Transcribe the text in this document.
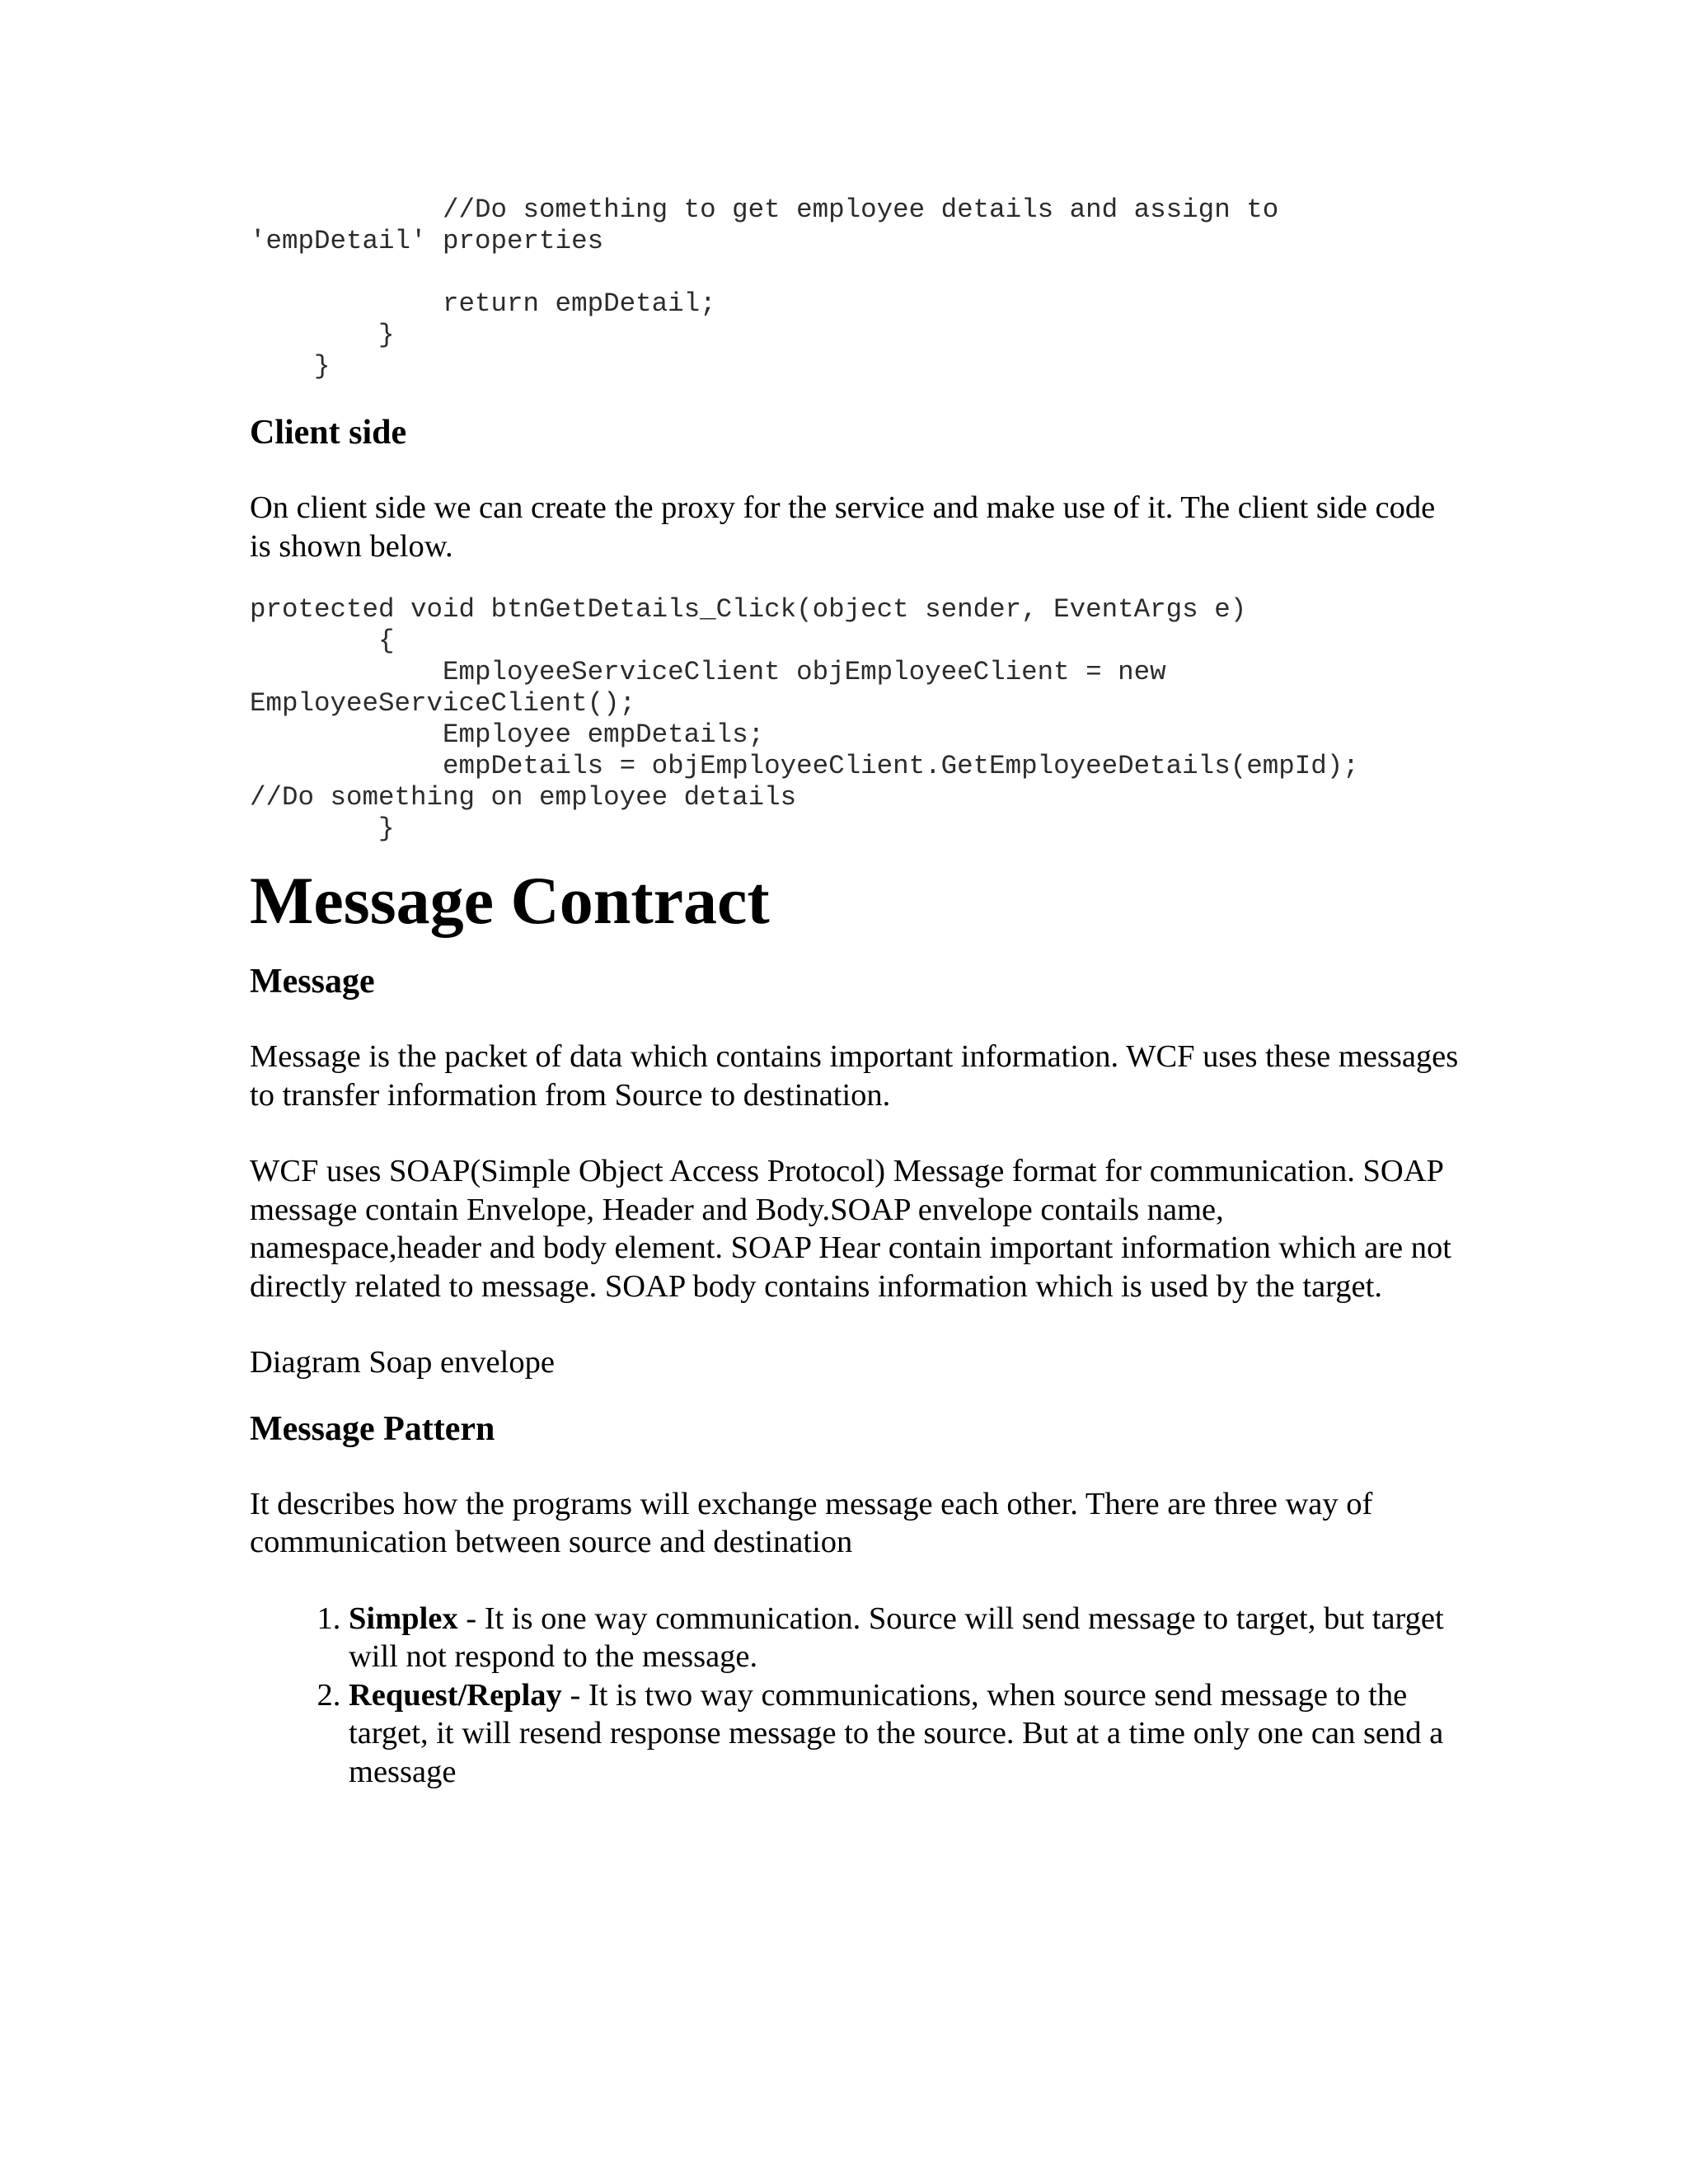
//Do something to get employee details and assign to
'empDetail' properties

return empDetail;
}
}
Client side

On client side we can create the proxy for the service and make use of it. The client side code is shown below.

protected void btnGetDetails_Click(object sender, EventArgs e)
{
EmployeeServiceClient objEmployeeClient = new
EmployeeServiceClient();
Employee empDetails;
empDetails = objEmployeeClient.GetEmployeeDetails(empId);
//Do something on employee details
}
Message Contract
Message

Message is the packet of data which contains important information. WCF uses these messages to transfer information from Source to destination.

WCF uses SOAP(Simple Object Access Protocol) Message format for communication. SOAP message contain Envelope, Header and Body.SOAP envelope contails name, namespace,header and body element. SOAP Hear contain important information which are not directly related to message. SOAP body contains information which is used by the target.

Diagram Soap envelope

Message Pattern

It describes how the programs will exchange message each other. There are three way of communication between source and destination

1. Simplex - It is one way communication. Source will send message to target, but target will not respond to the message.
2. Request/Replay - It is two way communications, when source send message to the target, it will resend response message to the source. But at a time only one can send a message
